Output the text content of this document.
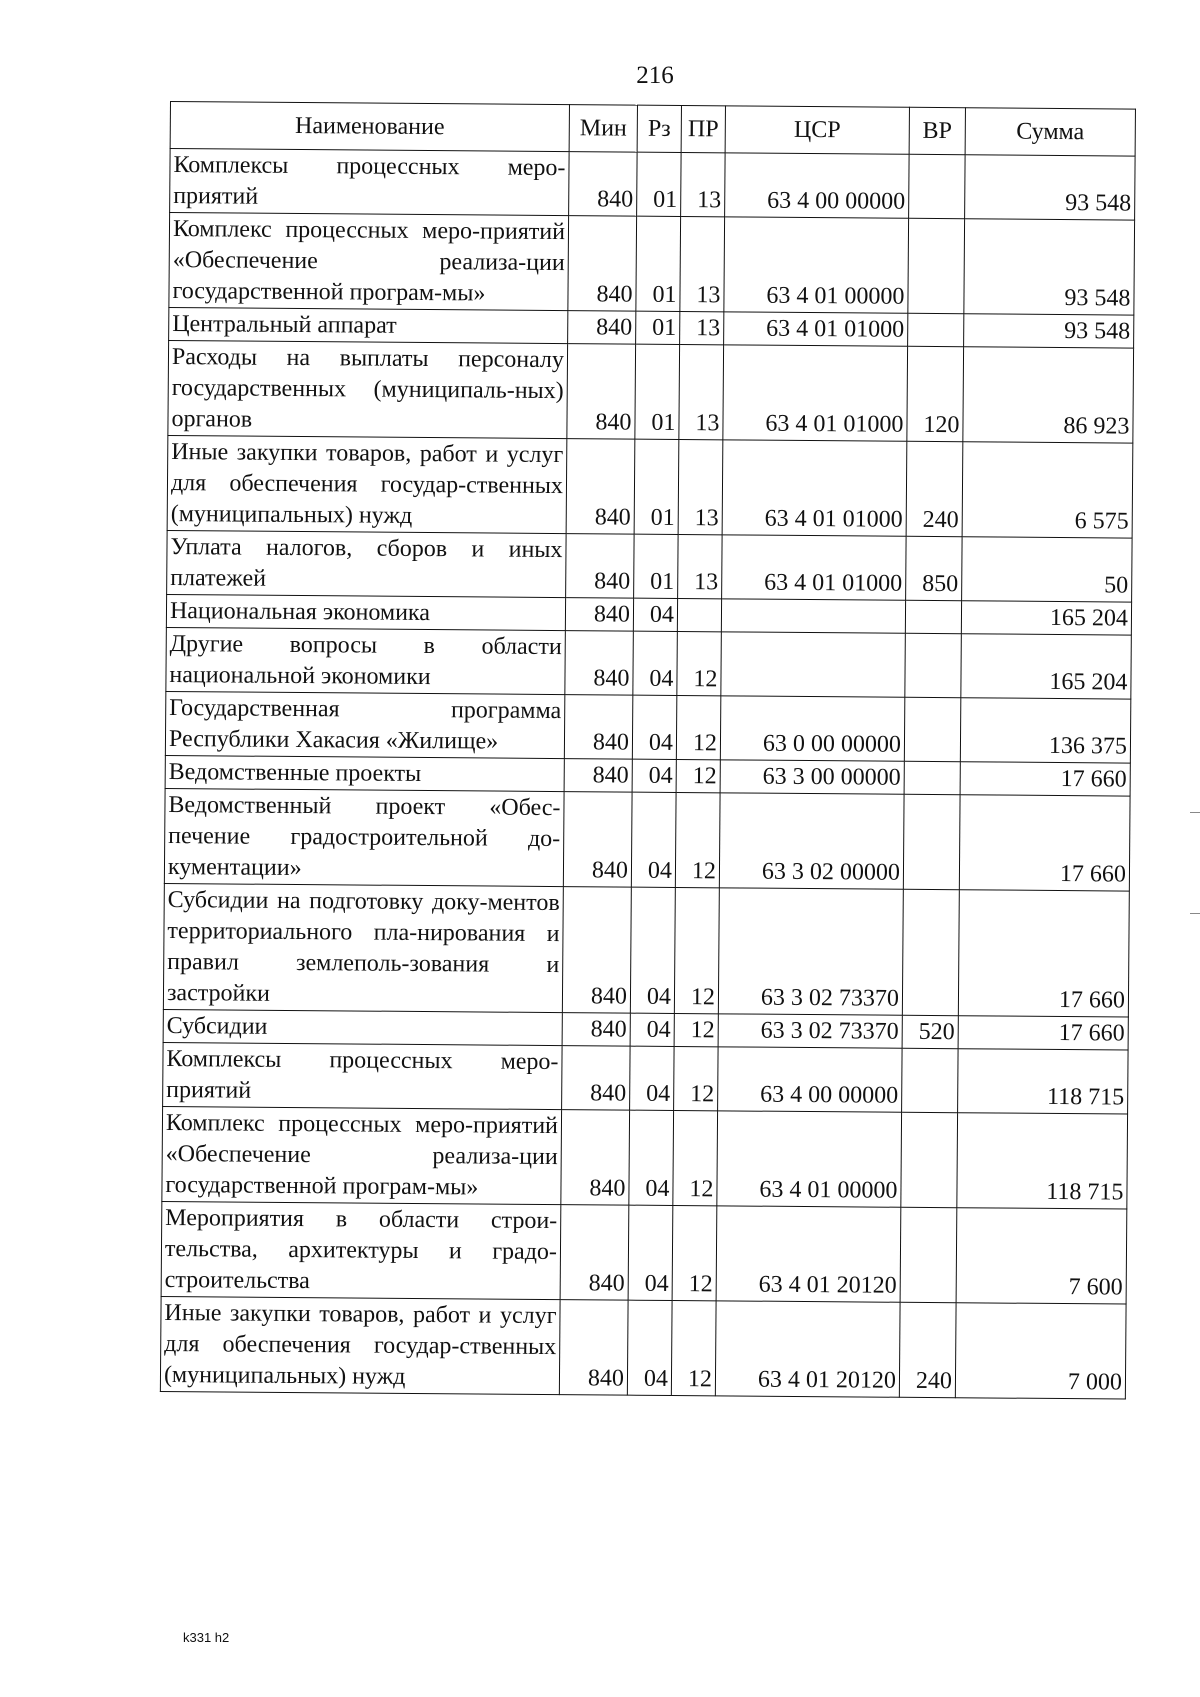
216
Наименование	Мин	Рз	ПР	ЦСР	ВР	Сумма
Комплексы процессных меро-приятий	840	01	13	63 4 00 00000		93 548
Комплекс процессных меро-приятий «Обеспечение реализа-ции государственной програм-мы»	840	01	13	63 4 01 00000		93 548
Центральный аппарат	840	01	13	63 4 01 01000		93 548
Расходы на выплаты персоналу государственных (муниципаль-ных) органов	840	01	13	63 4 01 01000	120	86 923
Иные закупки товаров, работ и услуг для обеспечения государ-ственных (муниципальных) нужд	840	01	13	63 4 01 01000	240	6 575
Уплата налогов, сборов и иных платежей	840	01	13	63 4 01 01000	850	50
Национальная экономика	840	04				165 204
Другие вопросы в области национальной экономики	840	04	12			165 204
Государственная программа Республики Хакасия «Жилище»	840	04	12	63 0 00 00000		136 375
Ведомственные проекты	840	04	12	63 3 00 00000		17 660
Ведомственный проект «Обес-печение градостроительной до-кументации»	840	04	12	63 3 02 00000		17 660
Субсидии на подготовку доку-ментов территориального пла-нирования и правил землеполь-зования и застройки	840	04	12	63 3 02 73370		17 660
Субсидии	840	04	12	63 3 02 73370	520	17 660
Комплексы процессных меро-приятий	840	04	12	63 4 00 00000		118 715
Комплекс процессных меро-приятий «Обеспечение реализа-ции государственной програм-мы»	840	04	12	63 4 01 00000		118 715
Мероприятия в области строи-тельства, архитектуры и градо-строительства	840	04	12	63 4 01 20120		7 600
Иные закупки товаров, работ и услуг для обеспечения государ-ственных (муниципальных) нужд	840	04	12	63 4 01 20120	240	7 000
k331 h2
